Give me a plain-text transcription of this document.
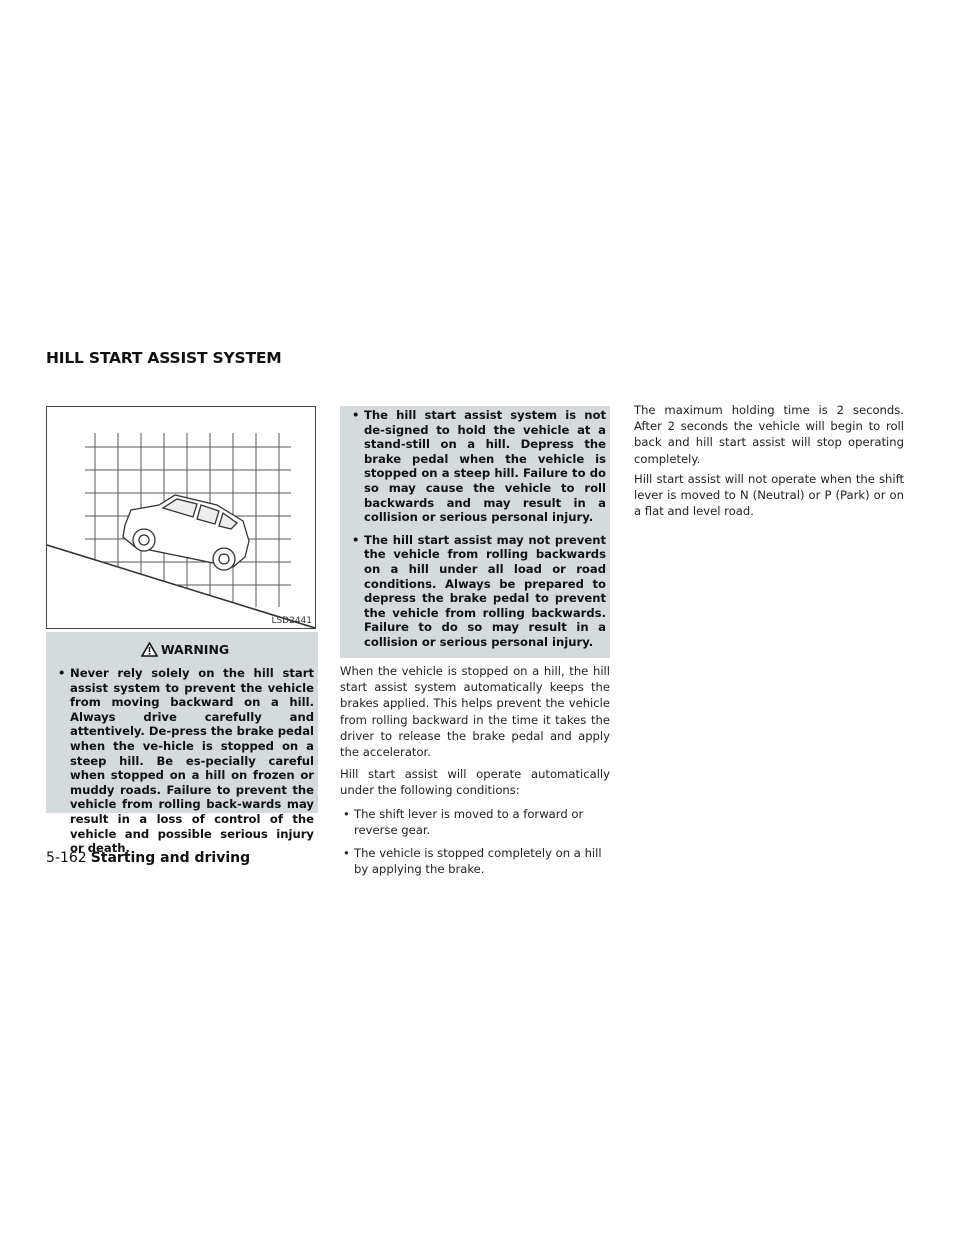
HILL START ASSIST SYSTEM
LSD2441
WARNING

• Never rely solely on the hill start assist system to prevent the vehicle from moving backward on a hill. Always drive carefully and attentively. De-press the brake pedal when the ve-hicle is stopped on a steep hill. Be es-pecially careful when stopped on a hill on frozen or muddy roads. Failure to prevent the vehicle from rolling back-wards may result in a loss of control of the vehicle and possible serious injury or death.

• The hill start assist system is not de-signed to hold the vehicle at a stand-still on a hill. Depress the brake pedal when the vehicle is stopped on a steep hill. Failure to do so may cause the vehicle to roll backwards and may result in a collision or serious personal injury.

• The hill start assist may not prevent the vehicle from rolling backwards on a hill under all load or road conditions. Always be prepared to depress the brake pedal to prevent the vehicle from rolling backwards. Failure to do so may result in a collision or serious personal injury.

When the vehicle is stopped on a hill, the hill start assist system automatically keeps the brakes applied. This helps prevent the vehicle from rolling backward in the time it takes the driver to release the brake pedal and apply the accelerator.

Hill start assist will operate automatically under the following conditions:

• The shift lever is moved to a forward or reverse gear.

• The vehicle is stopped completely on a hill by applying the brake.

The maximum holding time is 2 seconds. After 2 seconds the vehicle will begin to roll back and hill start assist will stop operating completely.

Hill start assist will not operate when the shift lever is moved to N (Neutral) or P (Park) or on a flat and level road.

5-162 Starting and driving
